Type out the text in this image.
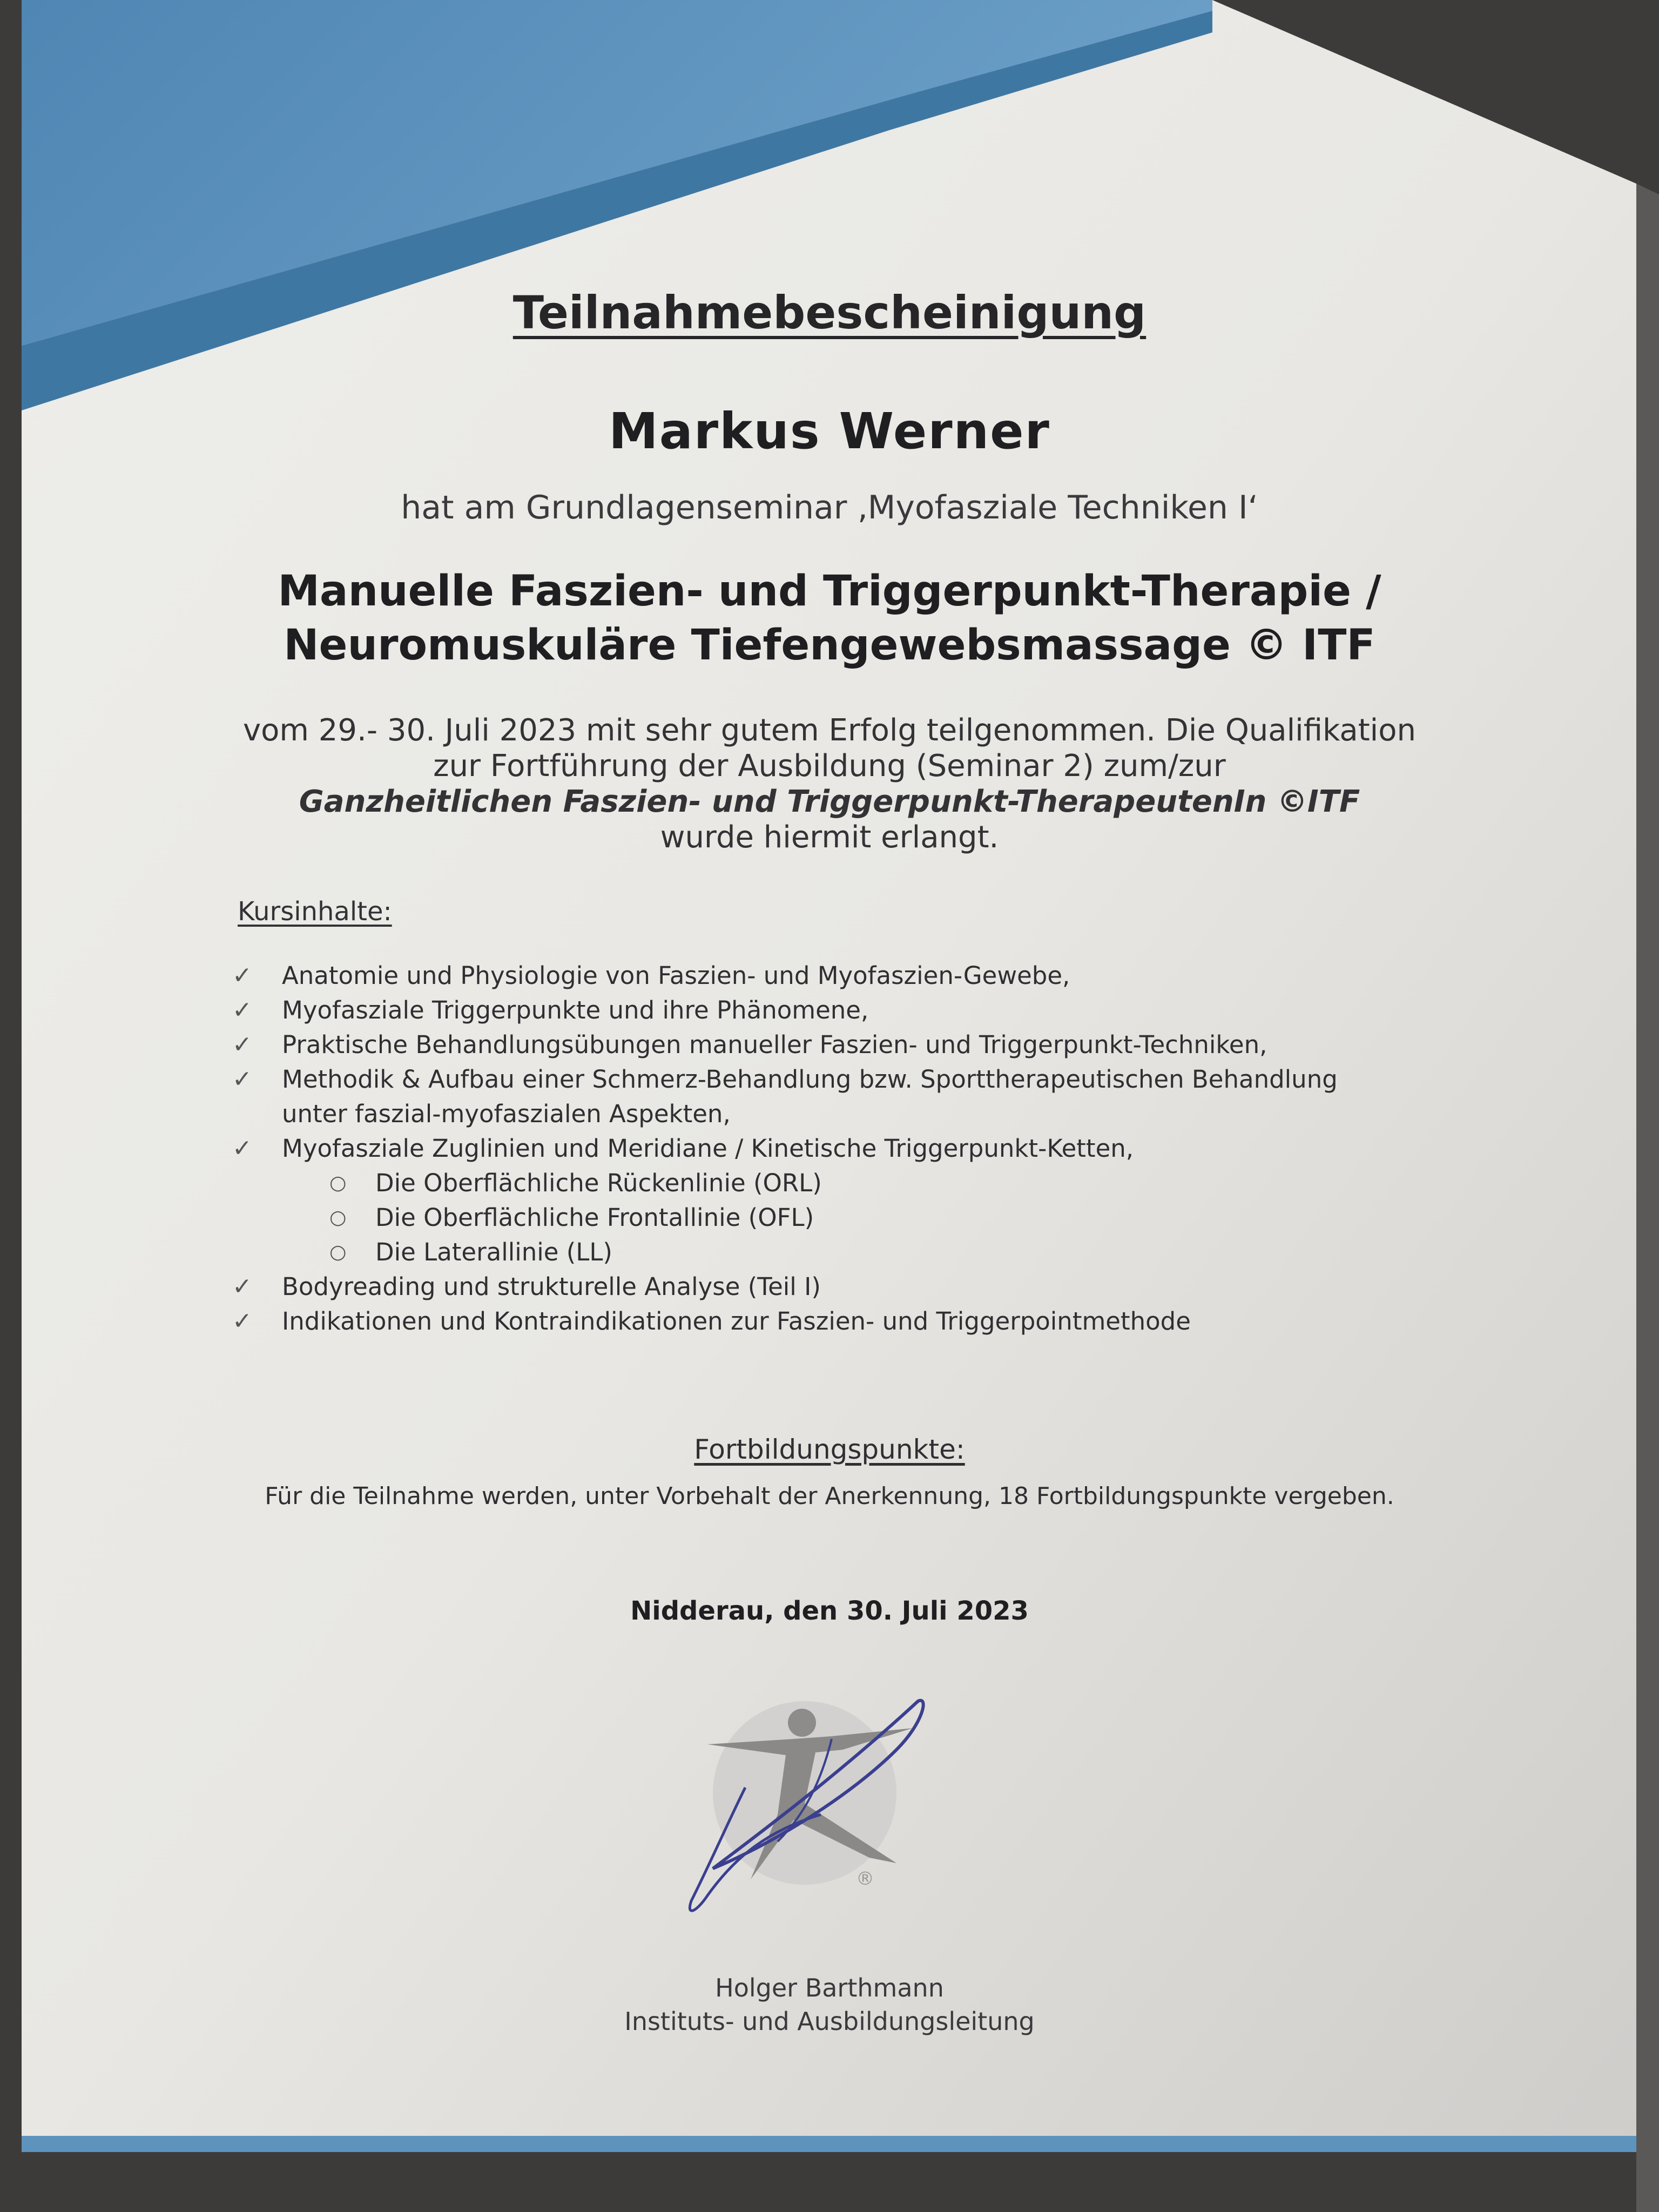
Teilnahmebescheinigung
Markus Werner
hat am Grundlagenseminar ‚Myofasziale Techniken I‘
Manuelle Faszien- und Triggerpunkt-Therapie /
Neuromuskuläre Tiefengewebsmassage © ITF
vom 29.- 30. Juli 2023 mit sehr gutem Erfolg teilgenommen. Die Qualifikation
zur Fortführung der Ausbildung (Seminar 2) zum/zur
Ganzheitlichen Faszien- und Triggerpunkt-TherapeutenIn ©ITF
wurde hiermit erlangt.
Kursinhalte:
✓	Anatomie und Physiologie von Faszien- und Myofaszien-Gewebe,
✓	Myofasziale Triggerpunkte und ihre Phänomene,
✓	Praktische Behandlungsübungen manueller Faszien- und Triggerpunkt-Techniken,
✓	Methodik & Aufbau einer Schmerz-Behandlung bzw. Sporttherapeutischen Behandlung
unter faszial-myofaszialen Aspekten,
✓	Myofasziale Zuglinien und Meridiane / Kinetische Triggerpunkt-Ketten,
○	Die Oberflächliche Rückenlinie (ORL)
○	Die Oberflächliche Frontallinie (OFL)
○	Die Laterallinie (LL)
✓	Bodyreading und strukturelle Analyse (Teil I)
✓	Indikationen und Kontraindikationen zur Faszien- und Triggerpointmethode
Fortbildungspunkte:
Für die Teilnahme werden, unter Vorbehalt der Anerkennung, 18 Fortbildungspunkte vergeben.
Nidderau, den 30. Juli 2023
®
Holger Barthmann
Instituts- und Ausbildungsleitung
